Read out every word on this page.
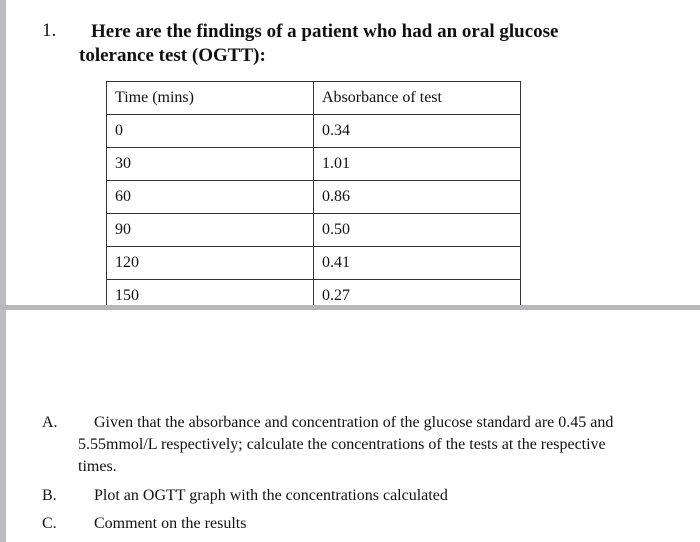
1.	Here are the findings of a patient who had an oral glucose
tolerance test (OGTT):
Time (mins)	Absorbance of test
0	0.34
30	1.01
60	0.86
90	0.50
120	0.41
150	0.27
A.	Given that the absorbance and concentration of the glucose standard are 0.45 and 5.55mmol/L respectively; calculate the concentrations of the tests at the respective times.
B. Plot an OGTT graph with the concentrations calculated
C. Comment on the results
